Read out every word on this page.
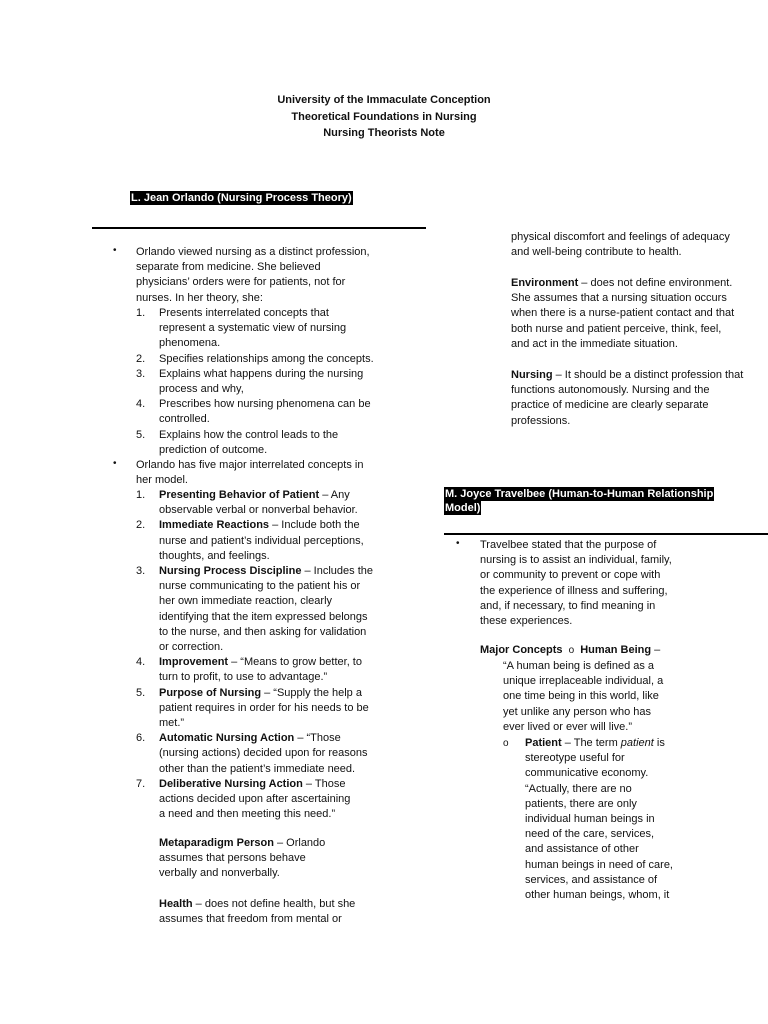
University of the Immaculate Conception
Theoretical Foundations in Nursing
Nursing Theorists Note
L. Jean Orlando (Nursing Process Theory)
• Orlando viewed nursing as a distinct profession,
separate from medicine. She believed
physicians’ orders were for patients, not for
nurses. In her theory, she:
1. Presents interrelated concepts that
represent a systematic view of nursing
phenomena.
2. Specifies relationships among the concepts.
3. Explains what happens during the nursing
process and why,
4. Prescribes how nursing phenomena can be
controlled.
5. Explains how the control leads to the
prediction of outcome.
• Orlando has five major interrelated concepts in
her model.
1. Presenting Behavior of Patient – Any
observable verbal or nonverbal behavior.
2. Immediate Reactions – Include both the
nurse and patient’s individual perceptions,
thoughts, and feelings.
3. Nursing Process Discipline – Includes the
nurse communicating to the patient his or
her own immediate reaction, clearly
identifying that the item expressed belongs
to the nurse, and then asking for validation
or correction.
4. Improvement – “Means to grow better, to
turn to profit, to use to advantage.”
5. Purpose of Nursing – “Supply the help a
patient requires in order for his needs to be
met.”
6. Automatic Nursing Action – “Those
(nursing actions) decided upon for reasons
other than the patient’s immediate need.
7. Deliberative Nursing Action – Those
actions decided upon after ascertaining
a need and then meeting this need.”
Metaparadigm Person – Orlando
assumes that persons behave
verbally and nonverbally.
Health – does not define health, but she
assumes that freedom from mental or
physical discomfort and feelings of adequacy
and well-being contribute to health.
Environment – does not define environment.
She assumes that a nursing situation occurs
when there is a nurse-patient contact and that
both nurse and patient perceive, think, feel,
and act in the immediate situation.
Nursing – It should be a distinct profession that
functions autonomously. Nursing and the
practice of medicine are clearly separate
professions.
M. Joyce Travelbee (Human-to-Human Relationship
Model)
• Travelbee stated that the purpose of
nursing is to assist an individual, family,
or community to prevent or cope with
the experience of illness and suffering,
and, if necessary, to find meaning in
these experiences.
Major Concepts o Human Being –
“A human being is defined as a
unique irreplaceable individual, a
one time being in this world, like
yet unlike any person who has
ever lived or ever will live.”
o Patient – The term patient is
stereotype useful for
communicative economy.
“Actually, there are no
patients, there are only
individual human beings in
need of the care, services,
and assistance of other
human beings in need of care,
services, and assistance of
other human beings, whom, it
